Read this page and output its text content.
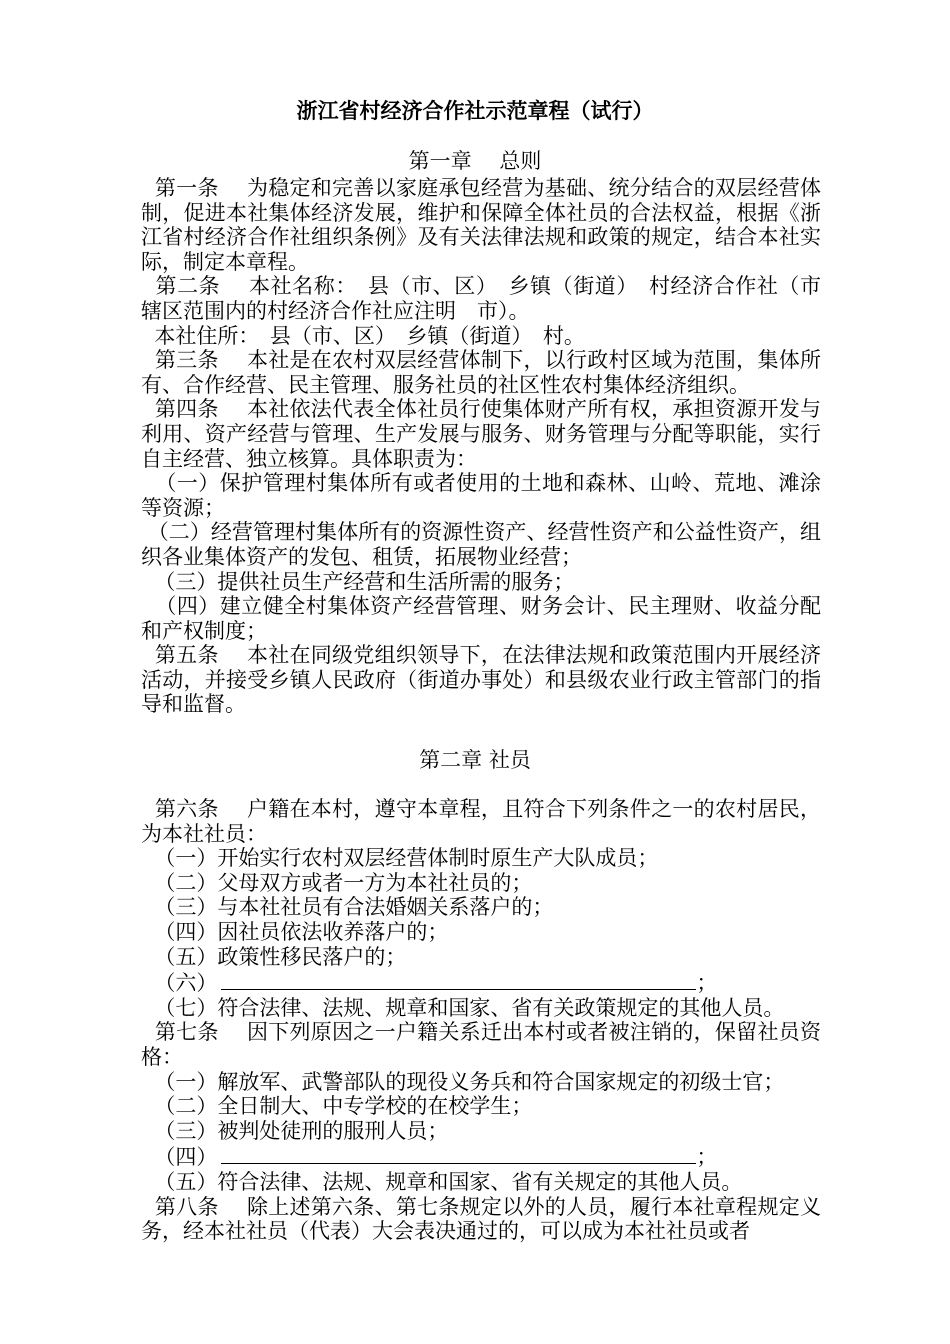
浙江省村经济合作社示范章程（试行）
第一章　 总则

第一条　 为稳定和完善以家庭承包经营为基础、统分结合的双层经营体制，促进本社集体经济发展，维护和保障全体社员的合法权益，根据《浙江省村经济合作社组织条例》及有关法律法规和政策的规定，结合本社实际，制定本章程。

第二条　 本社名称：　县（市、区）　乡镇（街道）　村经济合作社（市辖区范围内的村经济合作社应注明　市）。

本社住所：　县（市、区）　乡镇（街道）　村。

第三条　 本社是在农村双层经营体制下，以行政村区域为范围，集体所有、合作经营、民主管理、服务社员的社区性农村集体经济组织。

第四条　 本社依法代表全体社员行使集体财产所有权，承担资源开发与利用、资产经营与管理、生产发展与服务、财务管理与分配等职能，实行自主经营、独立核算。具体职责为：

（一）保护管理村集体所有或者使用的土地和森林、山岭、荒地、滩涂等资源；

（二）经营管理村集体所有的资源性资产、经营性资产和公益性资产，组织各业集体资产的发包、租赁，拓展物业经营；

（三）提供社员生产经营和生活所需的服务；

（四）建立健全村集体资产经营管理、财务会计、民主理财、收益分配和产权制度；

第五条　 本社在同级党组织领导下，在法律法规和政策范围内开展经济活动，并接受乡镇人民政府（街道办事处）和县级农业行政主管部门的指导和监督。

第二章 社员

第六条　 户籍在本村，遵守本章程，且符合下列条件之一的农村居民，为本社社员：

（一）开始实行农村双层经营体制时原生产大队成员；

（二）父母双方或者一方为本社社员的；

（三）与本社社员有合法婚姻关系落户的；

（四）因社员依法收养落户的；

（五）政策性移民落户的；

（六）	；

（七）符合法律、法规、规章和国家、省有关政策规定的其他人员。

第七条　 因下列原因之一户籍关系迁出本村或者被注销的，保留社员资格：

（一）解放军、武警部队的现役义务兵和符合国家规定的初级士官；

（二）全日制大、中专学校的在校学生；

（三）被判处徒刑的服刑人员；

（四）	；

（五）符合法律、法规、规章和国家、省有关规定的其他人员。

第八条　 除上述第六条、第七条规定以外的人员，履行本社章程规定义务，经本社社员（代表）大会表决通过的，可以成为本社社员或者
